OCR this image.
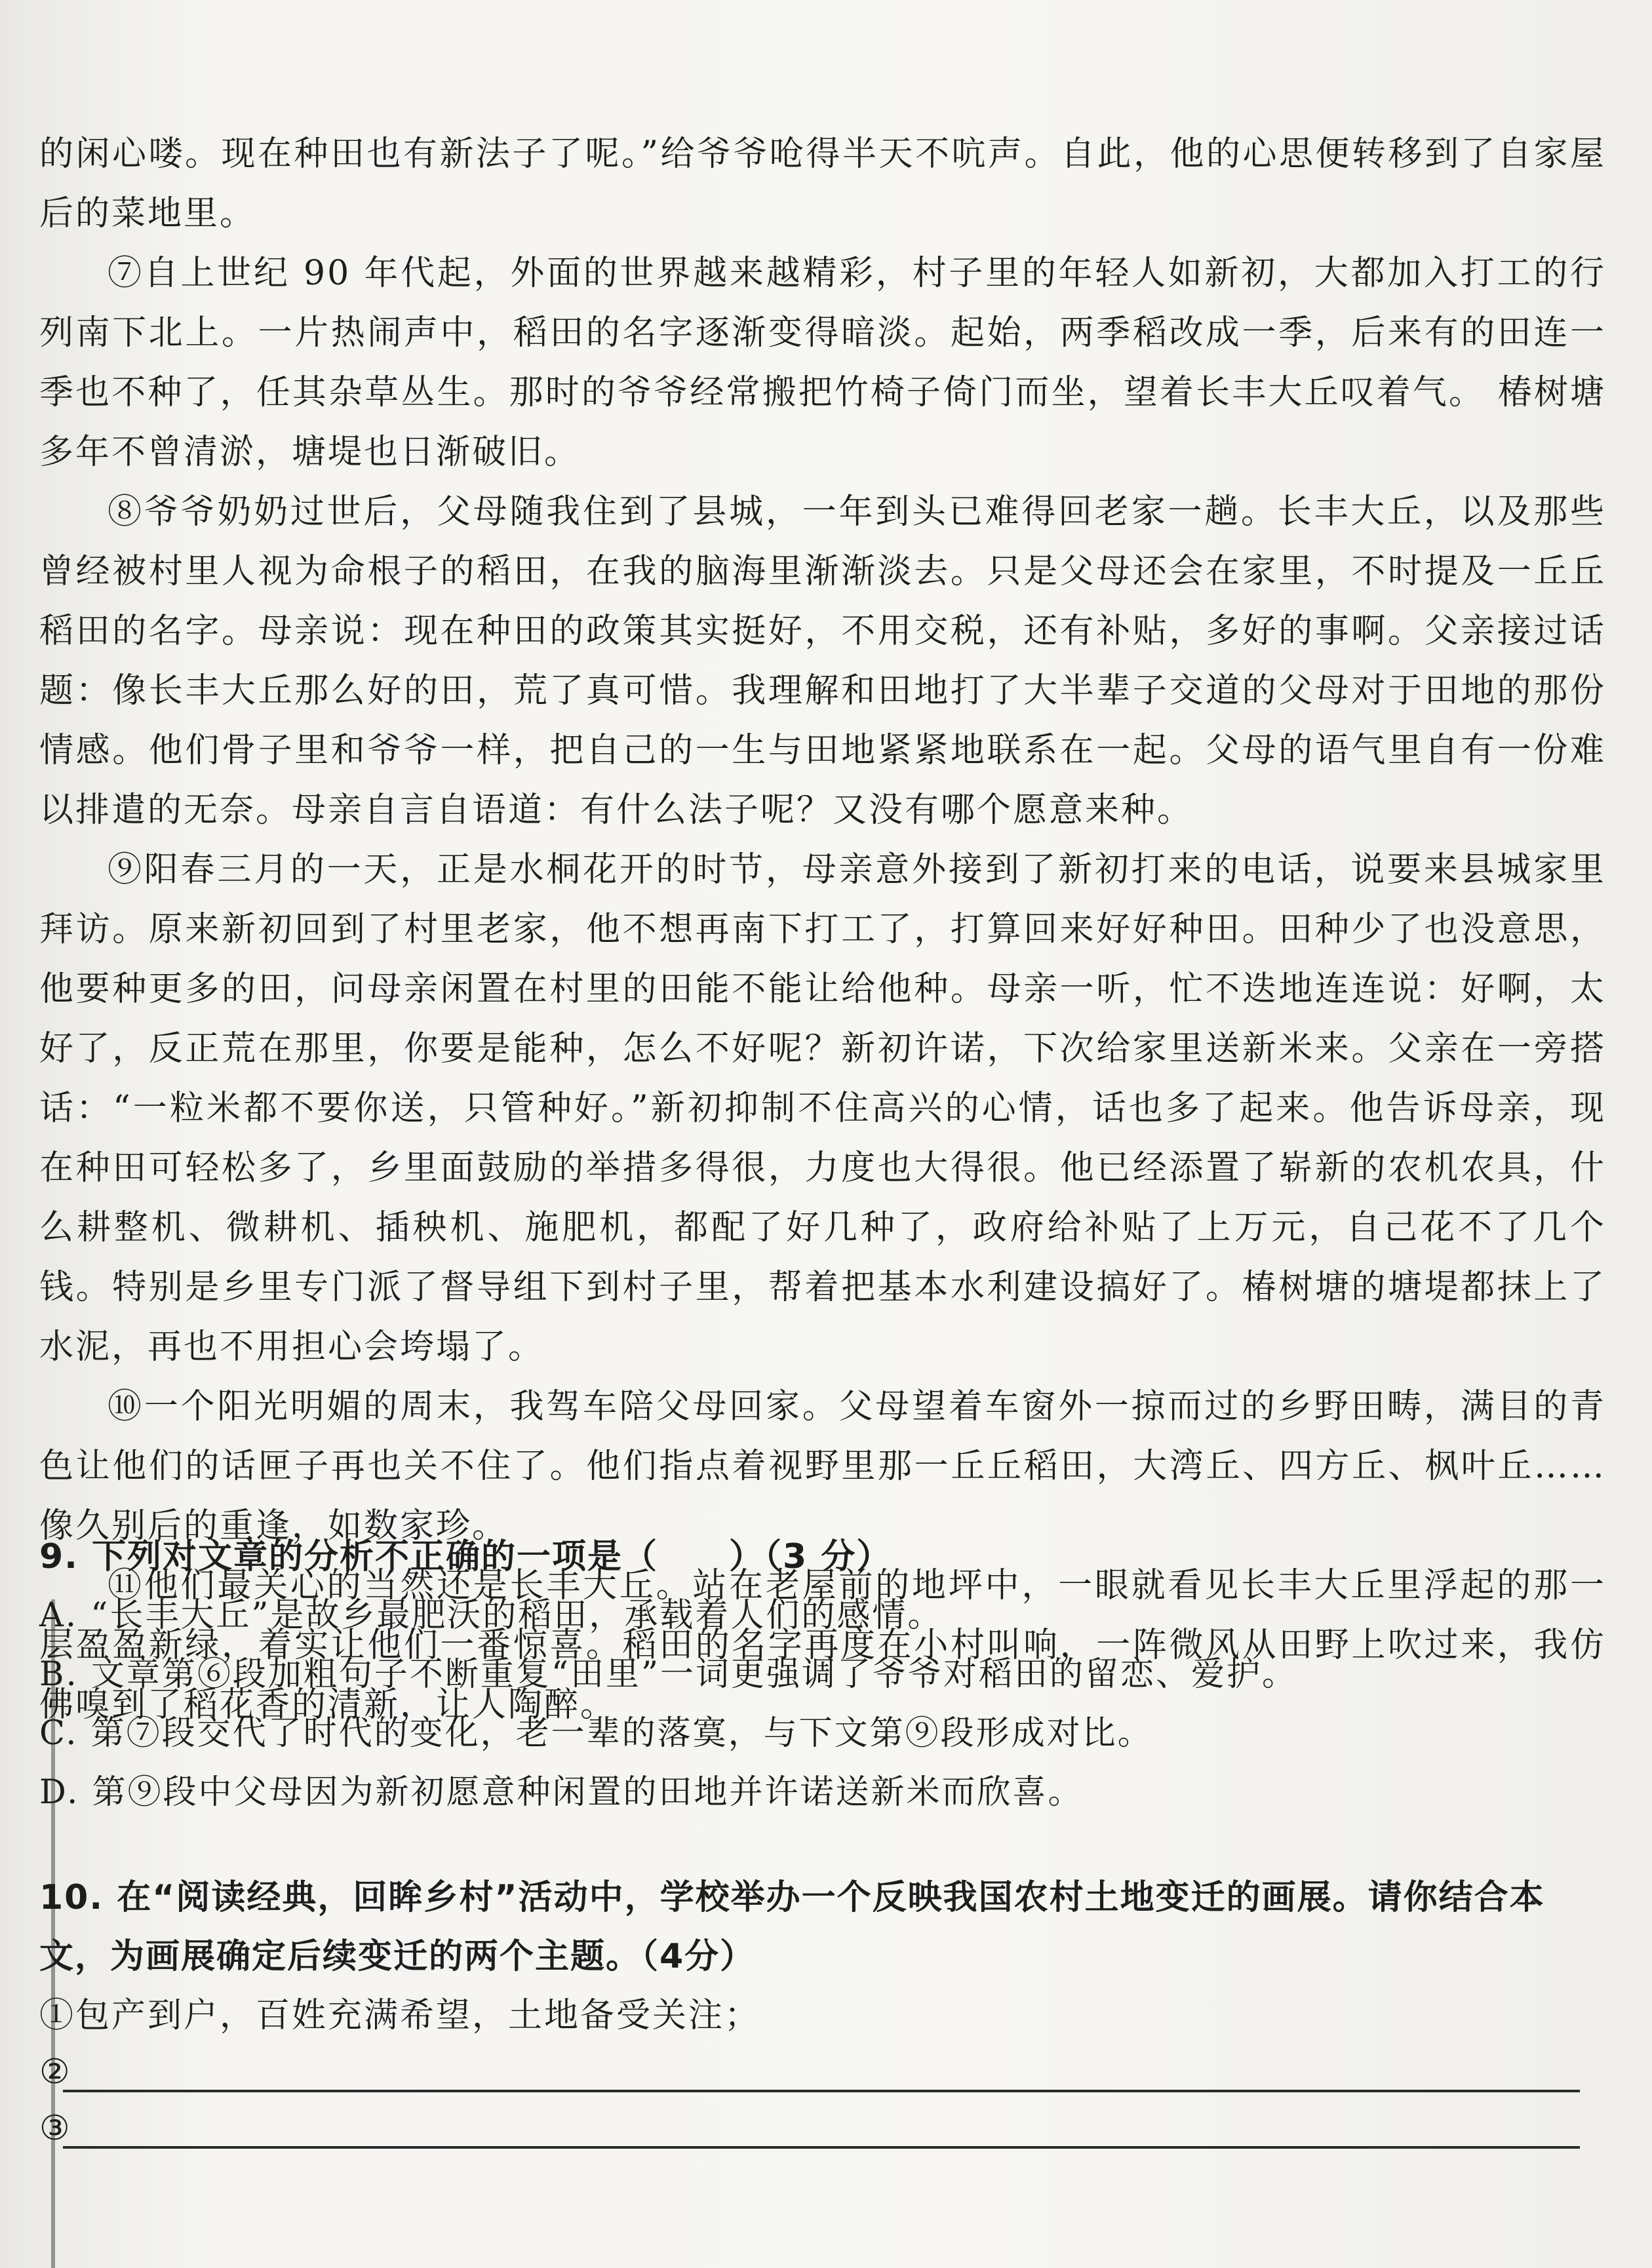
的闲心喽。现在种田也有新法子了呢。”给爷爷呛得半天不吭声。自此，他的心思便转移到了自家屋后的菜地里。

⑦自上世纪 90 年代起，外面的世界越来越精彩，村子里的年轻人如新初，大都加入打工的行列南下北上。一片热闹声中，稻田的名字逐渐变得暗淡。起始，两季稻改成一季，后来有的田连一季也不种了，任其杂草丛生。那时的爷爷经常搬把竹椅子倚门而坐，望着长丰大丘叹着气。 椿树塘多年不曾清淤，塘堤也日渐破旧。

⑧爷爷奶奶过世后，父母随我住到了县城，一年到头已难得回老家一趟。长丰大丘，以及那些曾经被村里人视为命根子的稻田，在我的脑海里渐渐淡去。只是父母还会在家里，不时提及一丘丘稻田的名字。母亲说：现在种田的政策其实挺好，不用交税，还有补贴，多好的事啊。父亲接过话题：像长丰大丘那么好的田，荒了真可惜。我理解和田地打了大半辈子交道的父母对于田地的那份情感。他们骨子里和爷爷一样，把自己的一生与田地紧紧地联系在一起。父母的语气里自有一份难以排遣的无奈。母亲自言自语道：有什么法子呢？又没有哪个愿意来种。

⑨阳春三月的一天，正是水桐花开的时节，母亲意外接到了新初打来的电话，说要来县城家里拜访。原来新初回到了村里老家，他不想再南下打工了，打算回来好好种田。田种少了也没意思，他要种更多的田，问母亲闲置在村里的田能不能让给他种。母亲一听，忙不迭地连连说：好啊，太好了，反正荒在那里，你要是能种，怎么不好呢？新初许诺，下次给家里送新米来。父亲在一旁搭话：“一粒米都不要你送，只管种好。”新初抑制不住高兴的心情，话也多了起来。他告诉母亲，现在种田可轻松多了，乡里面鼓励的举措多得很，力度也大得很。他已经添置了崭新的农机农具，什么耕整机、微耕机、插秧机、施肥机，都配了好几种了，政府给补贴了上万元，自己花不了几个钱。特别是乡里专门派了督导组下到村子里，帮着把基本水利建设搞好了。椿树塘的塘堤都抹上了水泥，再也不用担心会垮塌了。

⑩一个阳光明媚的周末，我驾车陪父母回家。父母望着车窗外一掠而过的乡野田畴，满目的青色让他们的话匣子再也关不住了。他们指点着视野里那一丘丘稻田，大湾丘、四方丘、枫叶丘……像久别后的重逢，如数家珍。

⑪他们最关心的当然还是长丰大丘。站在老屋前的地坪中，一眼就看见长丰大丘里浮起的那一层盈盈新绿，着实让他们一番惊喜。稻田的名字再度在小村叫响，一阵微风从田野上吹过来，我仿佛嗅到了稻花香的清新，让人陶醉。

9. 下列对文章的分析不正确的一项是（　　）（3 分）

A. “长丰大丘”是故乡最肥沃的稻田，承载着人们的感情。

B. 文章第⑥段加粗句子不断重复“田里”一词更强调了爷爷对稻田的留恋、爱护。

C. 第⑦段交代了时代的变化，老一辈的落寞，与下文第⑨段形成对比。

D. 第⑨段中父母因为新初愿意种闲置的田地并许诺送新米而欣喜。

10. 在“阅读经典，回眸乡村”活动中，学校举办一个反映我国农村土地变迁的画展。请你结合本文，为画展确定后续变迁的两个主题。（4分）

①包产到户，百姓充满希望，土地备受关注；
②
③
